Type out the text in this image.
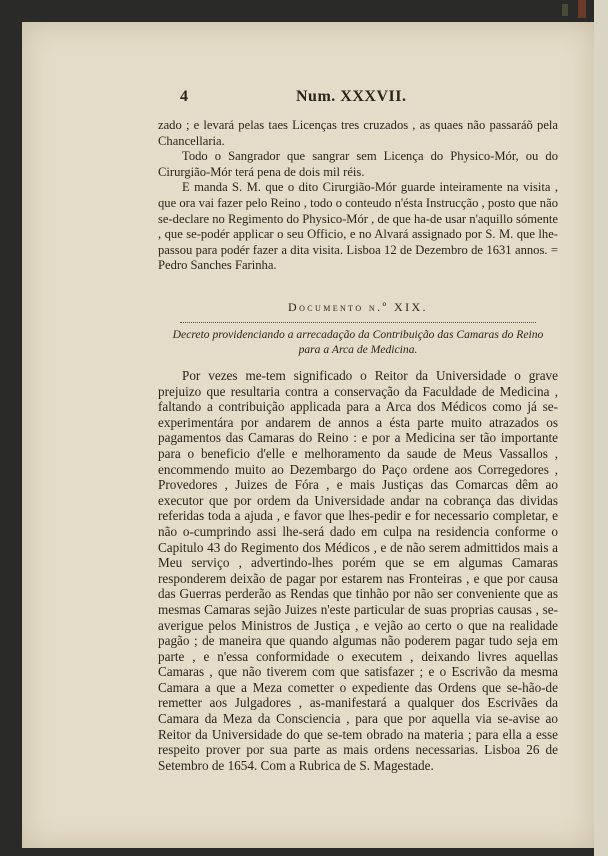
4	Num. XXXVII.

zado ; e levará pelas taes Licenças tres cruzados , as quaes não passaráõ pela Chancellaria.

Todo o Sangrador que sangrar sem Licença do Physico-Mór, ou do Cirurgião-Mór terá pena de dois mil réis.

E manda S. M. que o dito Cirurgião-Mór guarde inteiramente na visita , que ora vai fazer pelo Reino , todo o conteudo n'ésta Instrucção , posto que não se-declare no Regimento do Physico-Mór , de que ha-de usar n'aquillo sómente , que se-podér applicar o seu Officio, e no Alvará assignado por S. M. que lhe-passou para podér fazer a dita visita. Lisboa 12 de Dezembro de 1631 annos. = Pedro Sanches Farinha.

Documento n.º XIX.
Decreto providenciando a arrecadação da Contribuição das Camaras do Reino para a Arca de Medicina.
Por vezes me-tem significado o Reitor da Universidade o grave prejuizo que resultaria contra a conservação da Faculdade de Medicina , faltando a contribuição applicada para a Arca dos Médicos como já se-experimentára por andarem de annos a ésta parte muito atrazados os pagamentos das Camaras do Reino : e por a Medicina ser tão importante para o beneficio d'elle e melhoramento da saude de Meus Vassallos , encommendo muito ao Dezembargo do Paço ordene aos Corregedores , Provedores , Juizes de Fóra , e mais Justiças das Comarcas dêm ao executor que por ordem da Universidade andar na cobrança das dividas referidas toda a ajuda , e favor que lhes-pedir e for necessario completar, e não o-cumprindo assi lhe-será dado em culpa na residencia conforme o Capitulo 43 do Regimento dos Médicos , e de não serem admittidos mais a Meu serviço , advertindo-lhes porém que se em algumas Camaras responderem deixão de pagar por estarem nas Fronteiras , e que por causa das Guerras perderão as Rendas que tinhão por não ser conveniente que as mesmas Camaras sejão Juizes n'este particular de suas proprias causas , se-averigue pelos Ministros de Justiça , e vejão ao certo o que na realidade pagão ; de maneira que quando algumas não poderem pagar tudo seja em parte , e n'essa conformidade o executem , deixando livres aquellas Camaras , que não tiverem com que satisfazer ; e o Escrivão da mesma Camara a que a Meza cometter o expediente das Ordens que se-hão-de remetter aos Julgadores , as-manifestará a qualquer dos Escrivães da Camara da Meza da Consciencia , para que por aquella via se-avise ao Reitor da Universidade do que se-tem obrado na materia ; para ella a esse respeito prover por sua parte as mais ordens necessarias. Lisboa 26 de Setembro de 1654. Com a Rubrica de S. Magestade.
